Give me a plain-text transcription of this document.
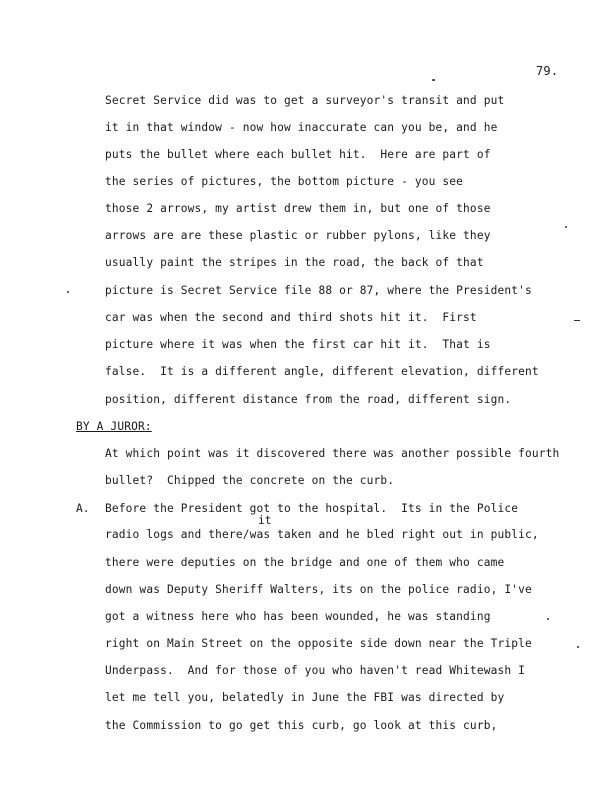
79.
Secret Service did was to get a surveyor's transit and put
it in that window - now how inaccurate can you be, and he
puts the bullet where each bullet hit.  Here are part of
the series of pictures, the bottom picture - you see
those 2 arrows, my artist drew them in, but one of those
arrows are are these plastic or rubber pylons, like they
usually paint the stripes in the road, the back of that
picture is Secret Service file 88 or 87, where the President's
car was when the second and third shots hit it.  First
picture where it was when the first car hit it.  That is
false.  It is a different angle, different elevation, different
position, different distance from the road, different sign.
BY A JUROR:
At which point was it discovered there was another possible fourth
bullet?  Chipped the concrete on the curb.
A. Before the President got to the hospital.  Its in the Police
it
radio logs and there/was taken and he bled right out in public,
there were deputies on the bridge and one of them who came
down was Deputy Sheriff Walters, its on the police radio, I've
got a witness here who has been wounded, he was standing
right on Main Street on the opposite side down near the Triple
Underpass.  And for those of you who haven't read Whitewash I
let me tell you, belatedly in June the FBI was directed by
the Commission to go get this curb, go look at this curb,
